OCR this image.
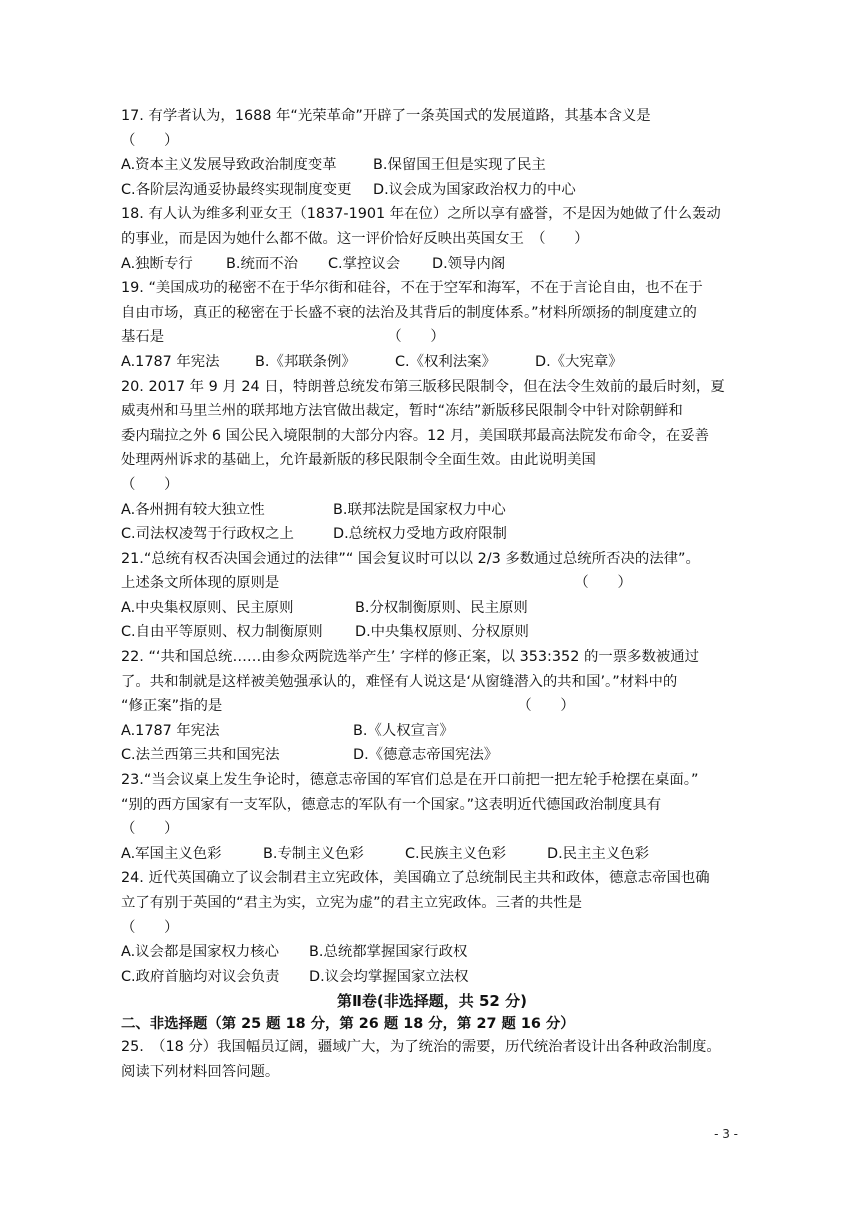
17. 有学者认为，1688 年“光荣革命”开辟了一条英国式的发展道路，其基本含义是
（　　）
A.资本主义发展导致政治制度变革	B.保留国王但是实现了民主
C.各阶层沟通妥协最终实现制度变更	D.议会成为国家政治权力的中心
18. 有人认为维多利亚女王（1837-1901 年在位）之所以享有盛誉，不是因为她做了什么轰动
的事业，而是因为她什么都不做。这一评价恰好反映出英国女王　（　　）
A.独断专行	B.统而不治	C.掌控议会	D.领导内阁
19. “美国成功的秘密不在于华尔街和硅谷，不在于空军和海军，不在于言论自由，也不在于
自由市场，真正的秘密在于长盛不衰的法治及其背后的制度体系。”材料所颂扬的制度建立的
基石是　　　　　　　　　　　　　　　　（　　）
A.1787 年宪法	B.《邦联条例》	C.《权利法案》	D.《大宪章》
20. 2017 年 9 月 24 日，特朗普总统发布第三版移民限制令，但在法令生效前的最后时刻，夏
威夷州和马里兰州的联邦地方法官做出裁定，暂时“冻结”新版移民限制令中针对除朝鲜和
委内瑞拉之外 6 国公民入境限制的大部分内容。12 月，美国联邦最高法院发布命令，在妥善
处理两州诉求的基础上，允许最新版的移民限制令全面生效。由此说明美国
（　　）
A.各州拥有较大独立性	B.联邦法院是国家权力中心
C.司法权凌驾于行政权之上	D.总统权力受地方政府限制
21.“总统有权否决国会通过的法律”“ 国会复议时可以以 2/3 多数通过总统所否决的法律”。
上述条文所体现的原则是　　　　　　　　　　　　　　　　　　　　　（　　）
A.中央集权原则、民主原则	B.分权制衡原则、民主原则
C.自由平等原则、权力制衡原则	D.中央集权原则、分权原则
22. “‘共和国总统……由参众两院选举产生’ 字样的修正案，以 353:352 的一票多数被通过
了。共和制就是这样被美勉强承认的，难怪有人说这是‘从窗缝潜入的共和国’。”材料中的
“修正案”指的是　　　　　　　　　　　　　　　　　　　　　（　　）
A.1787 年宪法	B.《人权宣言》
C.法兰西第三共和国宪法	D.《德意志帝国宪法》
23.“当会议桌上发生争论时，德意志帝国的军官们总是在开口前把一把左轮手枪摆在桌面。”
“别的西方国家有一支军队，德意志的军队有一个国家。”这表明近代德国政治制度具有
（　　）
A.军国主义色彩	B.专制主义色彩	C.民族主义色彩	D.民主主义色彩
24. 近代英国确立了议会制君主立宪政体，美国确立了总统制民主共和政体，德意志帝国也确
立了有别于英国的“君主为实，立宪为虚”的君主立宪政体。三者的共性是
（　　）
A.议会都是国家权力核心	B.总统都掌握国家行政权
C.政府首脑均对议会负责	D.议会均掌握国家立法权
第Ⅱ卷(非选择题，共 52 分)
二、非选择题（第 25 题 18 分，第 26 题 18 分，第 27 题 16 分）
25.　（18 分）我国幅员辽阔，疆域广大，为了统治的需要，历代统治者设计出各种政治制度。
阅读下列材料回答问题。
- 3 -
